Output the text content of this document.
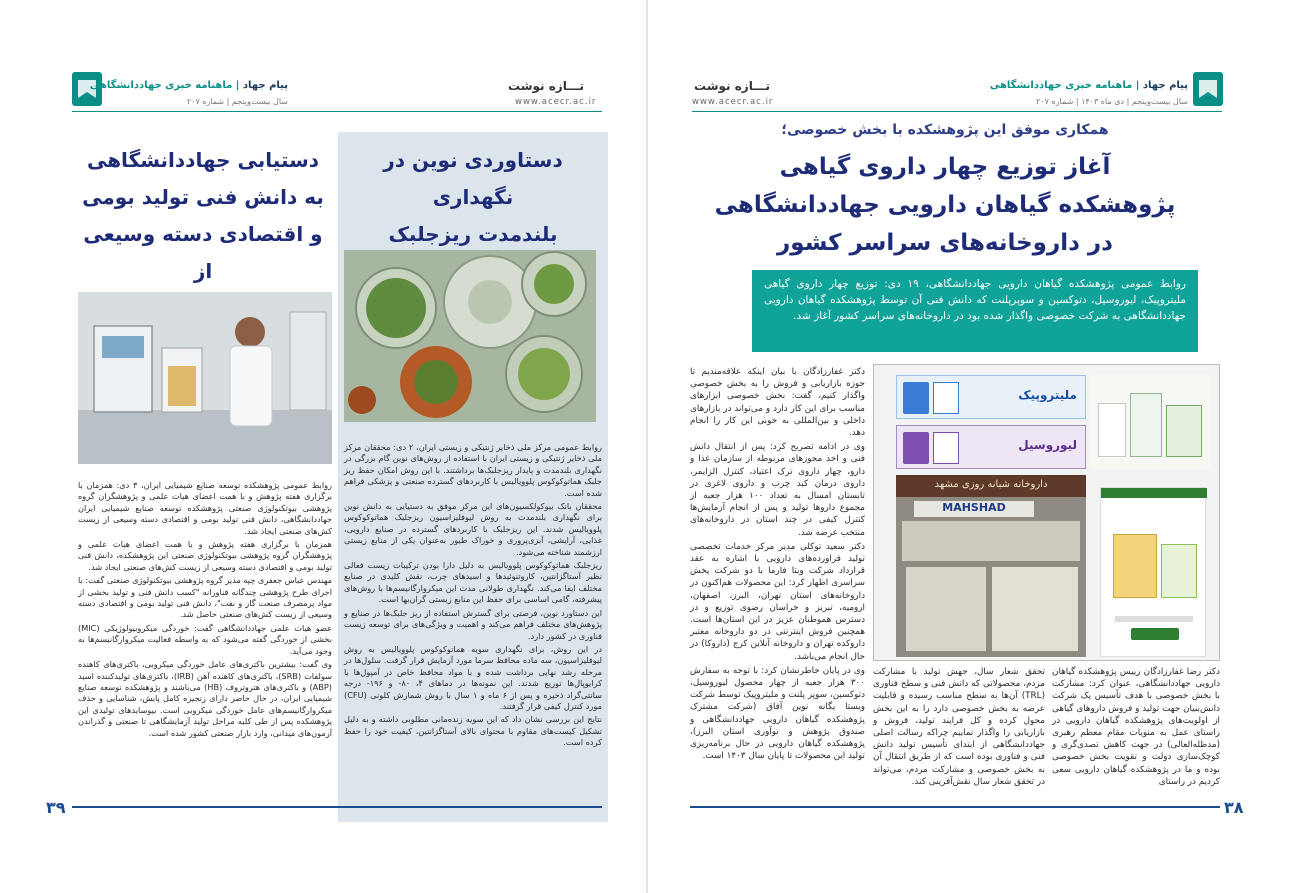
پیام جهاد | ماهنامه خبری جهاددانشگاهی
سال بیست‌وپنجم | دی ماه ۱۴۰۳ | شماره ۲۰۷
تـــازه نوشت
www.acecr.ac.ir
پیام جهاد | ماهنامه خبری جهاددانشگاهی
سال بیست‌وپنجم | شماره ۲۰۷
تـــازه نوشت
www.acecr.ac.ir
همکاری موفق این پژوهشکده با بخش خصوصی؛
آغاز توزیع چهار داروی گیاهی
پژوهشکده گیاهان دارویی جهاددانشگاهی
در داروخانه‌های سراسر کشور
روابط عمومی پژوهشکده گیاهان دارویی جهاددانشگاهی، ۱۹ دی: توزیع چهار داروی گیاهی ملیتروپیک، لیوروسیل، دتوکسین و سوپرپلنت که دانش فنی آن توسط پژوهشکده گیاهان دارویی جهاددانشگاهی به شرکت خصوصی واگذار شده بود در داروخانه‌های سراسر کشور آغاز شد.

دکتر غفارزادگان با بیان اینکه علاقه‌مندیم تا حوزه بازاریابی و فروش را به بخش خصوصی واگذار کنیم، گفت: بخش خصوصی ابزارهای مناسب برای این کار دارد و می‌تواند در بازارهای داخلی و بین‌المللی به خوبی این کار را انجام دهد.

وی در ادامه تصریح کرد: پس از انتقال دانش فنی و اخذ مجوزهای مربوطه از سازمان غذا و دارو، چهار داروی ترک اعتیاد، کنترل الزایمر، داروی درمان کبد چرب و داروی لاغری در تابستان امسال به تعداد ۱۰۰ هزار جعبه از مجموع داروها تولید و پس از انجام آزمایش‌ها کنترل کیفی در چند استان در داروخانه‌های منتخب عرضه شد.

دکتر سعید توکلی مدیر مرکز خدمات تخصصی تولید فراورده‌های دارویی با اشاره به عقد قرارداد شرکت ویتا فارما با دو شرکت پخش سراسری اظهار کرد: این محصولات هم‌اکنون در داروخانه‌های استان تهران، البرز، اصفهان، ارومیه، تبریز و خراسان رضوی توزیع و در دسترس هموطنان عزیز در این استان‌ها است. همچنین فروش اینترنتی در دو داروخانه معتبر داروکده تهران و داروخانه آنلاین کرج (داروکا) در حال انجام می‌باشد.

وی در پایان خاطرنشان کرد: با توجه به سفارش ۳۰۰ هزار جعبه از چهار محصول لیوروسیل، دتوکسین، سوپر پلنت و ملیتروپیک توسط شرکت ویستا یگانه نوین آفاق (شرکت مشترک پژوهشکده گیاهان دارویی جهاددانشگاهی و صندوق پژوهش و نوآوری استان البرز)، پژوهشکده گیاهان دارویی در حال برنامه‌ریزی تولید این محصولات تا پایان سال ۱۴۰۳ است.

ملیتروپیک
لیوروسیل
داروخانه شبانه روزی مشهد
MAHSHAD
تحقق شعار سال، جهش تولید با مشارکت مردم، محصولاتی که دانش فنی و سطح فناوری (TRL) آن‌ها به سطح مناسب رسیده و قابلیت عرضه به بخش خصوصی دارد را به این بخش محول کرده و کل فرایند تولید، فروش و بازاریابی را واگذار نماییم چراکه رسالت اصلی جهاددانشگاهی از ابتدای تأسیس تولید دانش فنی و فناوری بوده است که از طریق انتقال آن به بخش خصوصی و مشارکت مردم، می‌تواند در تحقق شعار سال نقش‌آفرینی کند.
دکتر رضا غفارزادگان رییس پژوهشکده گیاهان دارویی جهاددانشگاهی، عنوان کرد: مشارکت با بخش خصوصی با هدف تأسیس یک شرکت دانش‌بنیان جهت تولید و فروش داروهای گیاهی از اولویت‌های پژوهشکده گیاهان دارویی در راستای عمل به منویات مقام معظم رهبری (مدظله‌العالی) در جهت کاهش تصدی‌گری و کوچک‌سازی دولت و تقویت بخش خصوصی بوده و ما در پژوهشکده گیاهان دارویی سعی کردیم در راستای
۳۸
دستاوردی نوین در نگهداری
بلندمدت ریزجلبک

روابط عمومی مرکز ملی ذخایر ژنتیکی و زیستی ایران، ۲ دی: محققان مرکز ملی ذخایر ژنتیکی و زیستی ایران با استفاده از روش‌های نوین گام بزرگی در نگهداری بلندمدت و پایدار ریزجلبک‌ها برداشتند. با این روش امکان حفظ ریز جلبک هماتوکوکوس پلوویالیس با کاربردهای گسترده صنعتی و پزشکی فراهم شده است.

محققان بانک بیوکولکسیون‌های این مرکز موفق به دستیابی به دانش نوین برای نگهداری بلندمدت به روش لیوفلیزاسیون ریزجلبک هماتوکوکوس پلوویالیس شدند. این ریزجلبک با کاربردهای گسترده در صنایع دارویی، غذایی، آرایشی، آبزی‌پروری و خوراک طیور به‌عنوان یکی از منابع زیستی ارزشمند شناخته می‌شود.

ریزجلبک هماتوکوکوس پلوویالیس به دلیل دارا بودن ترکیبات زیست فعالی نظیر آستاگزانتین، کاروتنوئیدها و اسیدهای چرب، نقش کلیدی در صنایع مختلف ایفا می‌کند. نگهداری طولانی مدت این میکروارگانیسم‌ها با روش‌های پیشرفته، گامی اساسی برای حفظ این منابع زیستی گران‌بها است.

این دستاورد نوین، فرصتی برای گسترش استفاده از ریز جلبک‌ها در صنایع و پژوهش‌های مختلف فراهم می‌کند و اهمیت و ویژگی‌های برای توسعه زیست فناوری در کشور دارد.

در این روش، برای نگهداری سویه هماتوکوکوس پلوویالیس به روش لیوفلیزاسیون، سه ماده محافظ سرما مورد آزمایش قرار گرفت. سلول‌ها در مرحله رشد نهایی برداشت شده و با مواد محافظ خاص در آمپول‌ها با کرایوپال‌ها توزیع شدند. این نمونه‌ها در دماهای ۴، ۸۰- و ۱۹۶- درجه سانتی‌گراد ذخیره و پس از ۶ ماه و ۱ سال با روش شمارش کلونی (CFU) مورد کنترل کیفی قرار گرفتند.

نتایج این بررسی نشان داد که این سویه زنده‌مانی مطلوبی داشته و به دلیل تشکیل کیست‌های مقاوم با محتوای بالای آستاگزانتین، کیفیت خود را حفظ کرده است.

دستیابی جهاددانشگاهی
به دانش فنی تولید بومی
و اقتصادی دسته وسیعی از

روابط عمومی پژوهشکده توسعه صنایع شیمیایی ایران، ۳ دی: همزمان با برگزاری هفته پژوهش و با همت اعضای هیات علمی و پژوهشگران گروه پژوهشی بیوتکنولوژی صنعتی پژوهشکده توسعه صنایع شیمیایی ایران جهاددانشگاهی، دانش فنی تولید بومی و اقتصادی دسته وسیعی از زیست کش‌های صنعتی ایجاد شد.

همزمان با برگزاری هفته پژوهش و با همت اعضای هیات علمی و پژوهشگران گروه پژوهشی بیوتکنولوژی صنعتی این پژوهشکده، دانش فنی تولید بومی و اقتصادی دسته وسیعی از زیست کش‌های صنعتی ایجاد شد.

مهندس عباس جعفری چپه مدیر گروه پژوهشی بیوتکنولوژی صنعتی گفت: با اجرای طرح پژوهشی چندگانه فناورانه "کسب دانش فنی و تولید بخشی از مواد پرمصرف صنعت گاز و نفت"، دانش فنی تولید بومی و اقتصادی دسته وسیعی از زیست کش‌های صنعتی حاصل شد.

عضو هیات علمی جهاددانشگاهی گفت: خوردگی میکروبیولوژیکی (MIC) بخشی از خوردگی گفته می‌شود که به واسطه فعالیت میکروارگانیسم‌ها به وجود می‌آید.

وی گفت: بیشترین باکتری‌های عامل خوردگی میکروبی، باکتری‌های کاهنده سولفات (SRB)، باکتری‌های کاهنده آهن (IRB)، باکتری‌های تولیدکننده اسید (ABP) و باکتری‌های هتروتروف (HB) می‌باشند و پژوهشکده توسعه صنایع شیمیایی ایران، در حال حاضر دارای زنجیره کامل پایش، شناسایی و حذف میکروارگانیسم‌های عامل خوردگی میکروبی است. بیوسایدهای تولیدی این پژوهشکده پس از طی کلیه مراحل تولید آزمایشگاهی تا صنعتی و گذراندن آزمون‌های میدانی، وارد بازار صنعتی کشور شده است.

۳۹
